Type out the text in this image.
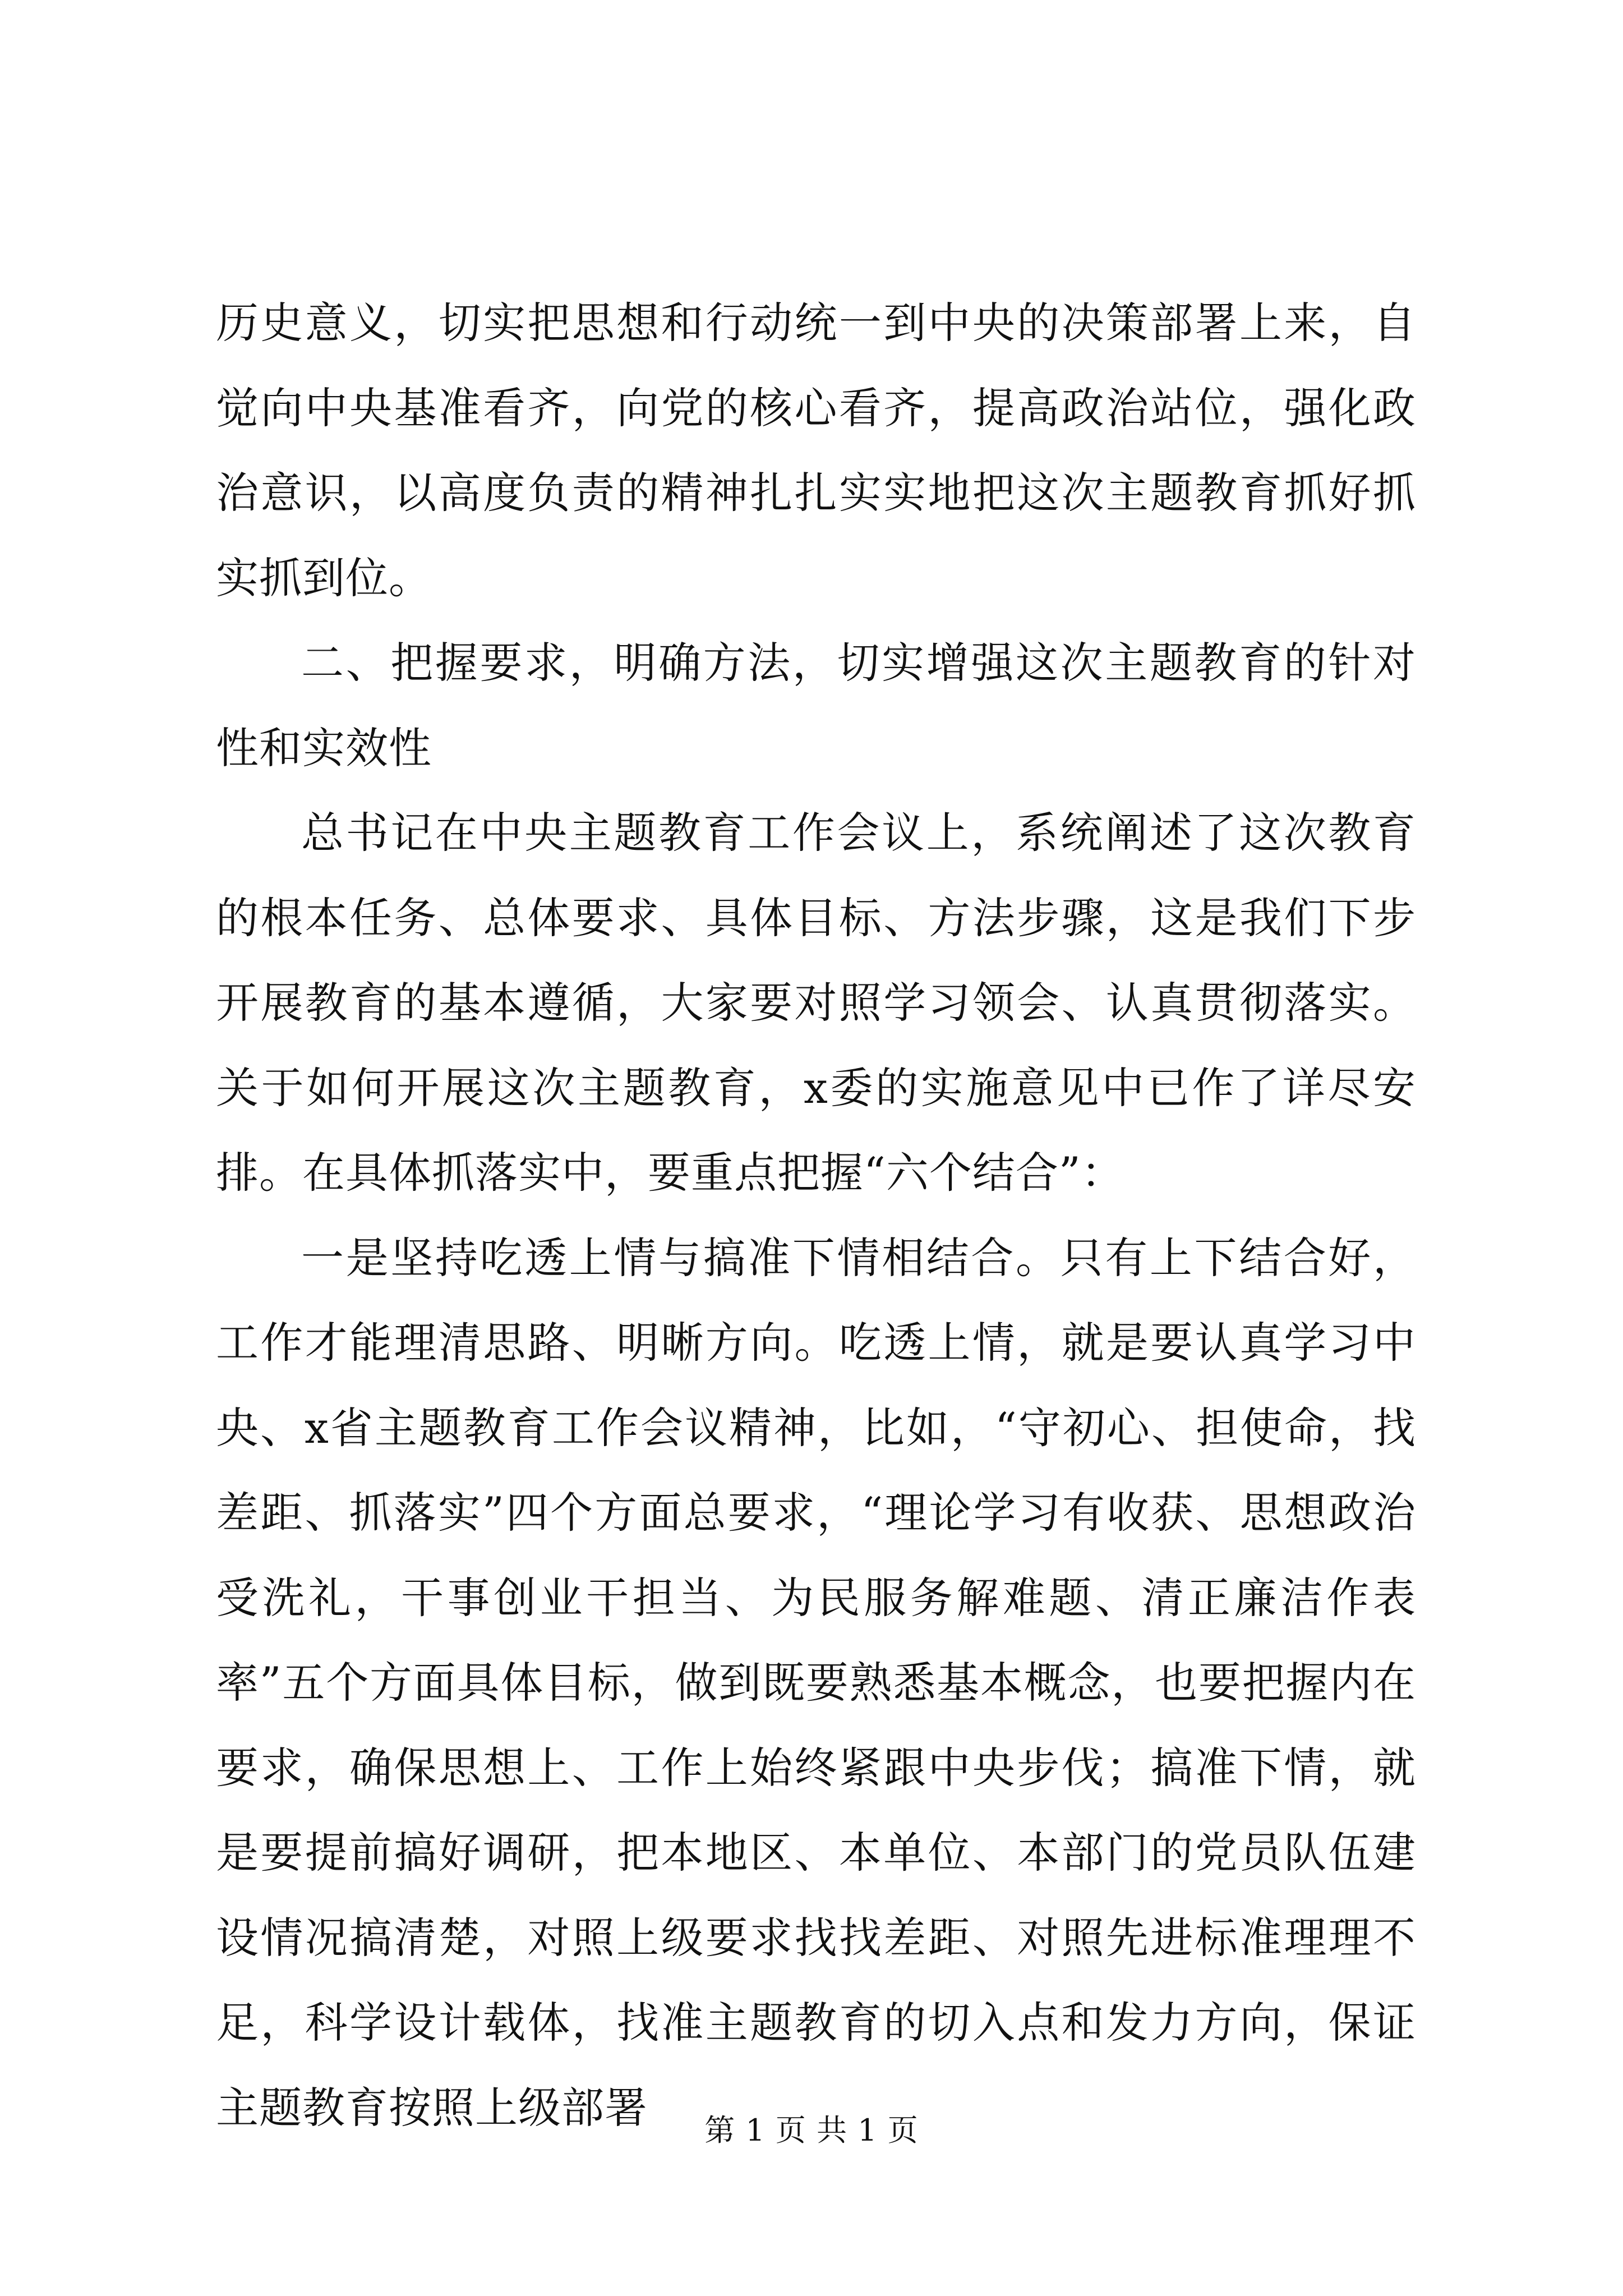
历史意义，切实把思想和行动统一到中央的决策部署上来，自觉向中央基准看齐，向党的核心看齐，提高政治站位，强化政治意识，以高度负责的精神扎扎实实地把这次主题教育抓好抓实抓到位。

二、把握要求，明确方法，切实增强这次主题教育的针对性和实效性

总书记在中央主题教育工作会议上，系统阐述了这次教育的根本任务、总体要求、具体目标、方法步骤，这是我们下步开展教育的基本遵循，大家要对照学习领会、认真贯彻落实。关于如何开展这次主题教育，x委的实施意见中已作了详尽安排。在具体抓落实中，要重点把握“六个结合”：

一是坚持吃透上情与搞准下情相结合。只有上下结合好，工作才能理清思路、明晰方向。吃透上情，就是要认真学习中央、x省主题教育工作会议精神，比如，“守初心、担使命，找差距、抓落实”四个方面总要求，“理论学习有收获、思想政治受洗礼，干事创业干担当、为民服务解难题、清正廉洁作表率”五个方面具体目标，做到既要熟悉基本概念，也要把握内在要求，确保思想上、工作上始终紧跟中央步伐；搞准下情，就是要提前搞好调研，把本地区、本单位、本部门的党员队伍建设情况搞清楚，对照上级要求找找差距、对照先进标准理理不足，科学设计载体，找准主题教育的切入点和发力方向，保证主题教育按照上级部署	第 1 页 共 1 页
